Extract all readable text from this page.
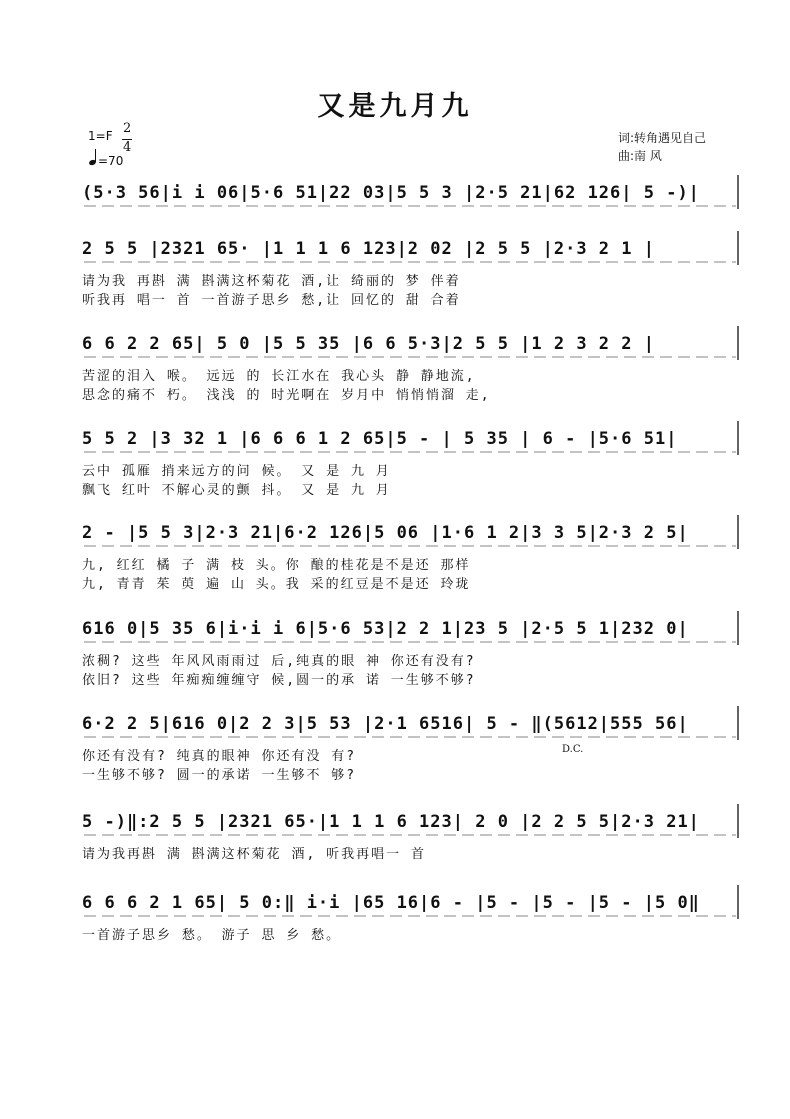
又是九月九
1=F 2
4
=70
词:转角遇见自己
曲:南 风
(5·3 56|i i 06|5·6 51|22 03|5 5 3 |2·5 21|62 126| 5 -)|
2 5 5 |2321 65· |1 1 1 6 123|2 02 |2 5 5 |2·3 2 1 |
请为我 再斟 满 斟满这杯菊花 酒,让 绮丽的 梦 伴着
听我再 唱一 首 一首游子思乡 愁,让 回忆的 甜 合着
6 6 2 2 65| 5 0 |5 5 35 |6 6 5·3|2 5 5 |1 2 3 2 2 |
苦涩的泪入 喉。 远远 的 长江水在 我心头 静 静地流,
思念的痛不 朽。 浅浅 的 时光啊在 岁月中 悄悄悄溜 走,
5 5 2 |3 32 1 |6 6 6 1 2 65|5 - | 5 35 | 6 - |5·6 51|
云中 孤雁 捎来远方的问 候。 又 是 九 月
飘飞 红叶 不解心灵的颤 抖。 又 是 九 月
2 - |5 5 3|2·3 21|6·2 126|5 06 |1·6 1 2|3 3 5|2·3 2 5|
九, 红红 橘 子 满 枝 头。你 酿的桂花是不是还 那样
九, 青青 茱 萸 遍 山 头。我 采的红豆是不是还 玲珑
616 0|5 35 6|i·i i 6|5·6 53|2 2 1|23 5 |2·5 5 1|232 0|
浓稠? 这些 年风风雨雨过 后,纯真的眼 神 你还有没有?
依旧? 这些 年痴痴缠缠守 候,圆一的承 诺 一生够不够?
6·2 2 5|616 0|2 2 3|5 53 |2·1 6516| 5 - ‖(5612|555 56|
你还有没有? 纯真的眼神 你还有没 有?
一生够不够? 圆一的承诺 一生够不 够?
D.C.
5 -)‖:2 5 5 |2321 65·|1 1 1 6 123| 2 0 |2 2 5 5|2·3 21|
请为我再斟 满 斟满这杯菊花 酒, 听我再唱一 首
6 6 6 2 1 65| 5 0:‖ i·i |65 16|6 - |5 - |5 - |5 - |5 0‖
一首游子思乡 愁。 游子 思 乡 愁。
